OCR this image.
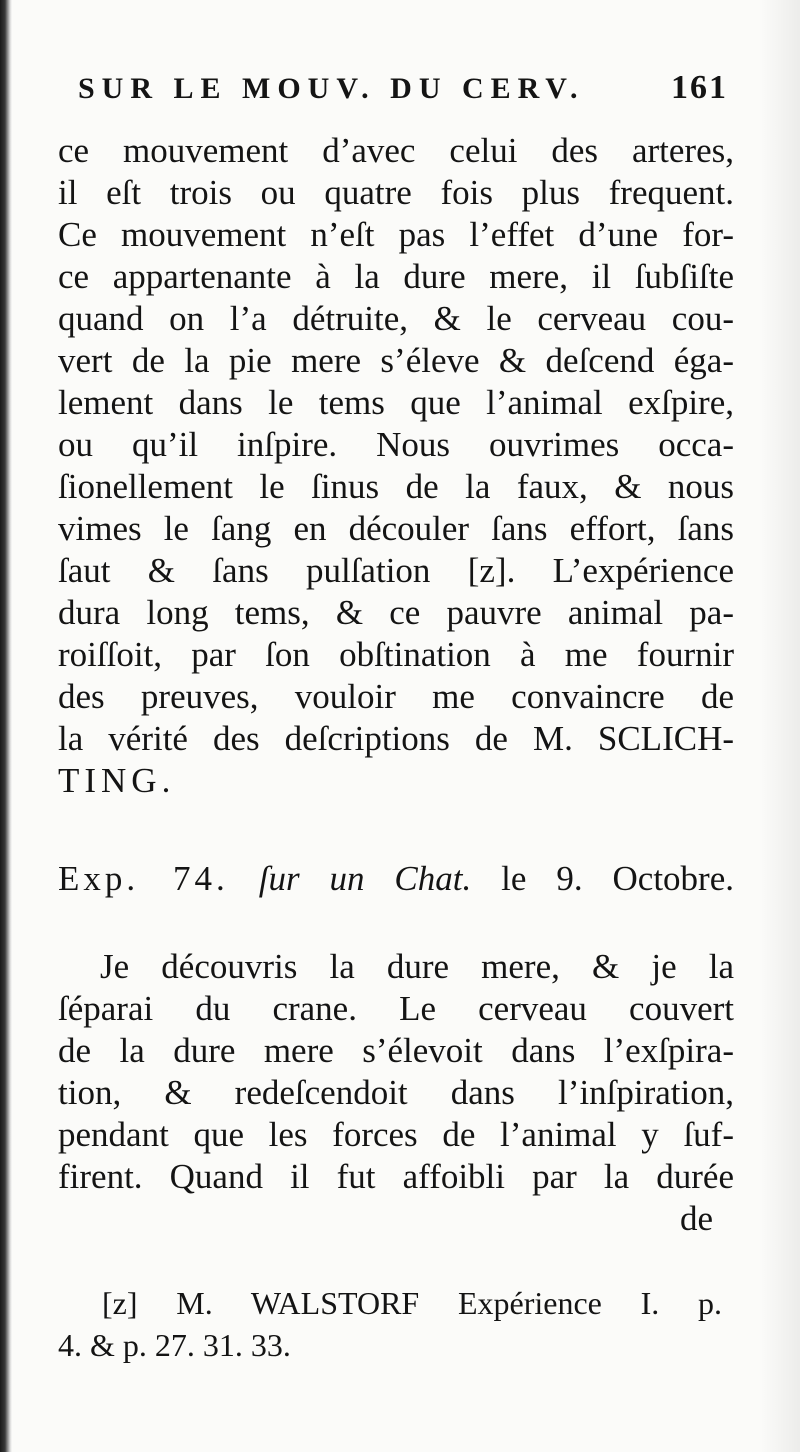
SUR LE MOUV. DU CERV.	161
ce mouvement d’avec celui des arteres,
il eſt trois ou quatre fois plus frequent.
Ce mouvement n’eſt pas l’effet d’une for-
ce appartenante à la dure mere, il ſubſiſte
quand on l’a détruite, & le cerveau cou-
vert de la pie mere s’éleve & deſcend éga-
lement dans le tems que l’animal exſpire,
ou qu’il inſpire. Nous ouvrimes occa-
ſionellement le ſinus de la faux, & nous
vimes le ſang en découler ſans effort, ſans
ſaut & ſans pulſation [z]. L’expérience
dura long tems, & ce pauvre animal pa-
roiſſoit, par ſon obſtination à me fournir
des preuves, vouloir me convaincre de
la vérité des deſcriptions de M. SCLICH-
TING.
Exp. 74. ſur un Chat. le 9. Octobre.
Je découvris la dure mere, & je la
ſéparai du crane. Le cerveau couvert
de la dure mere s’élevoit dans l’exſpira-
tion, & redeſcendoit dans l’inſpiration,
pendant que les forces de l’animal y ſuf-
firent. Quand il fut affoibli par la durée
de
[z] M. WALSTORF Expérience I. p.
4. & p. 27. 31. 33.
